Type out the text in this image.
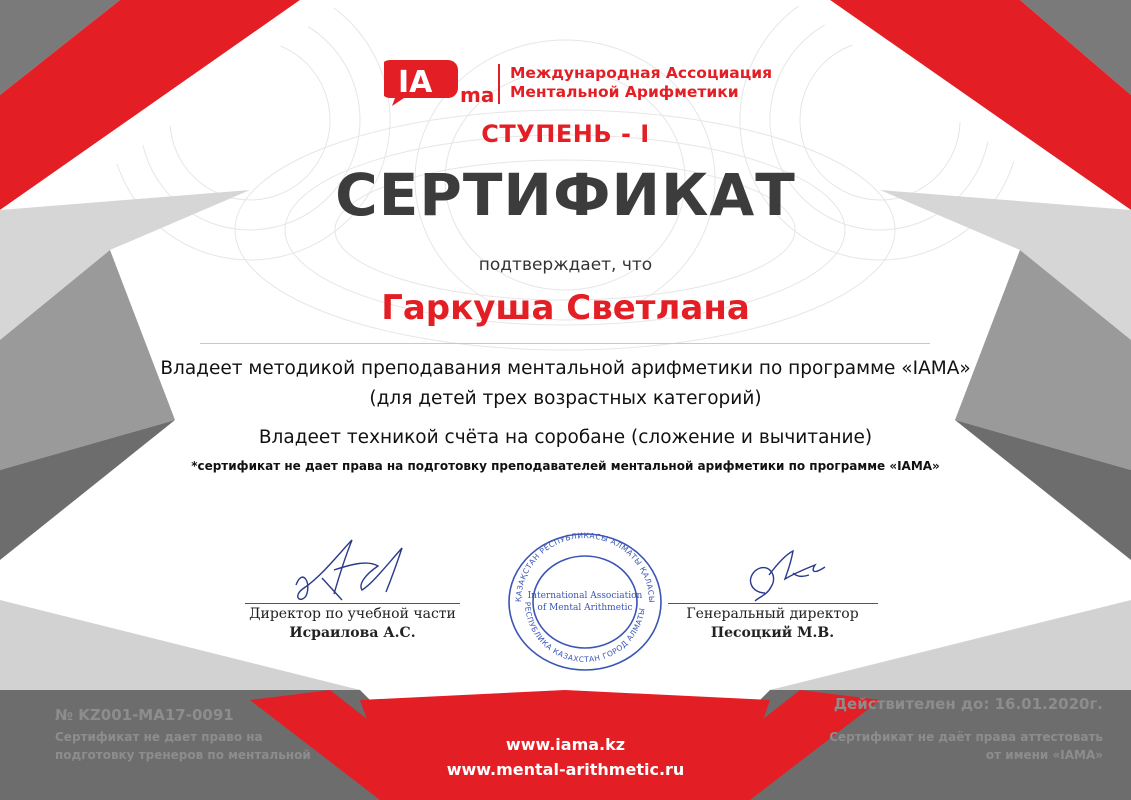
IA ma
Международная Ассоциация
Ментальной Арифметики
СТУПЕНЬ - I
СЕРТИФИКАТ
подтверждает, что
Гаркуша Светлана
Владеет методикой преподавания ментальной арифметики по программе «IAMA»
(для детей трех возрастных категорий)
Владеет техникой счёта на соробане (сложение и вычитание)
*сертификат не дает права на подготовку преподавателей ментальной арифметики по программе «IAMA»
Директор по учебной части
Исраилова А.С.
ҚАЗАҚСТАН РЕСПУБЛИКАСЫ АЛМАТЫ ҚАЛАСЫ
РЕСПУБЛИКА КАЗАХСТАН ГОРОД АЛМАТЫ
International Association
of Mental Arithmetic	Генеральный директор
Песоцкий М.В.
№ KZ001-MA17-0091
Сертификат не дает право на подготовку тренеров по ментальной
Действителен до: 16.01.2020г.
Сертификат не даёт права аттестовать
от имени «IAMA»
www.iama.kz
www.mental-arithmetic.ru
